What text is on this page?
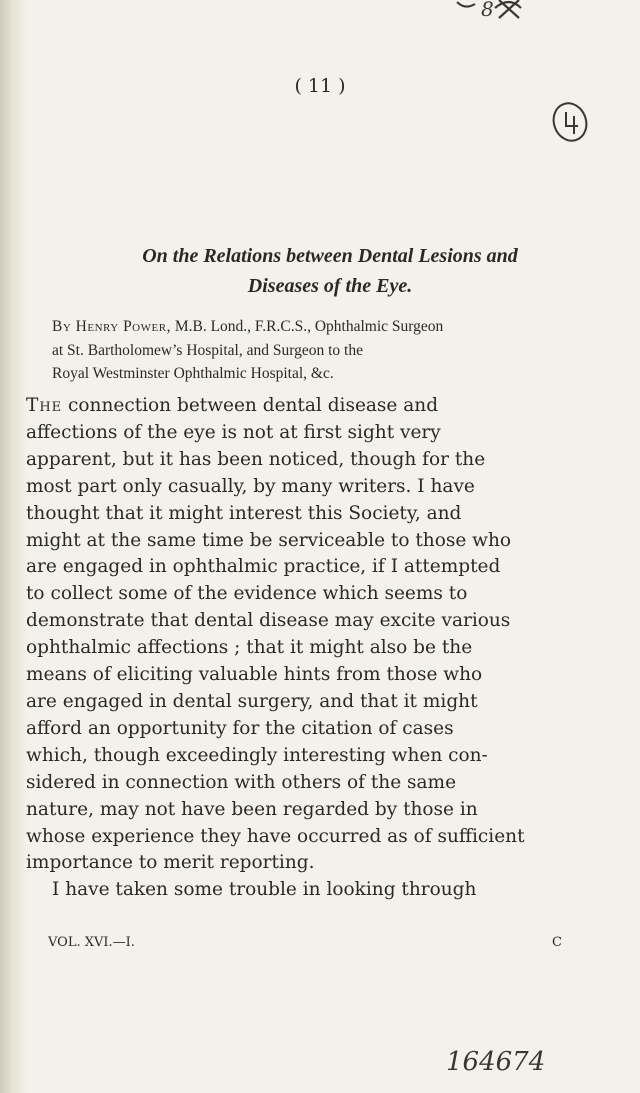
8
( 11 )
On the Relations between Dental Lesions and
Diseases of the Eye.
By Henry Power, M.B. Lond., F.R.C.S., Ophthalmic Surgeon
at St. Bartholomew’s Hospital, and Surgeon to the
Royal Westminster Ophthalmic Hospital, &c.
The connection between dental disease and
affections of the eye is not at first sight very
apparent, but it has been noticed, though for the
most part only casually, by many writers. I have
thought that it might interest this Society, and
might at the same time be serviceable to those who
are engaged in ophthalmic practice, if I attempted
to collect some of the evidence which seems to
demonstrate that dental disease may excite various
ophthalmic affections ; that it might also be the
means of eliciting valuable hints from those who
are engaged in dental surgery, and that it might
afford an opportunity for the citation of cases
which, though exceedingly interesting when con-
sidered in connection with others of the same
nature, may not have been regarded by those in
whose experience they have occurred as of sufficient
importance to merit reporting.
I have taken some trouble in looking through
VOL. XVI.—I.	C
164674
